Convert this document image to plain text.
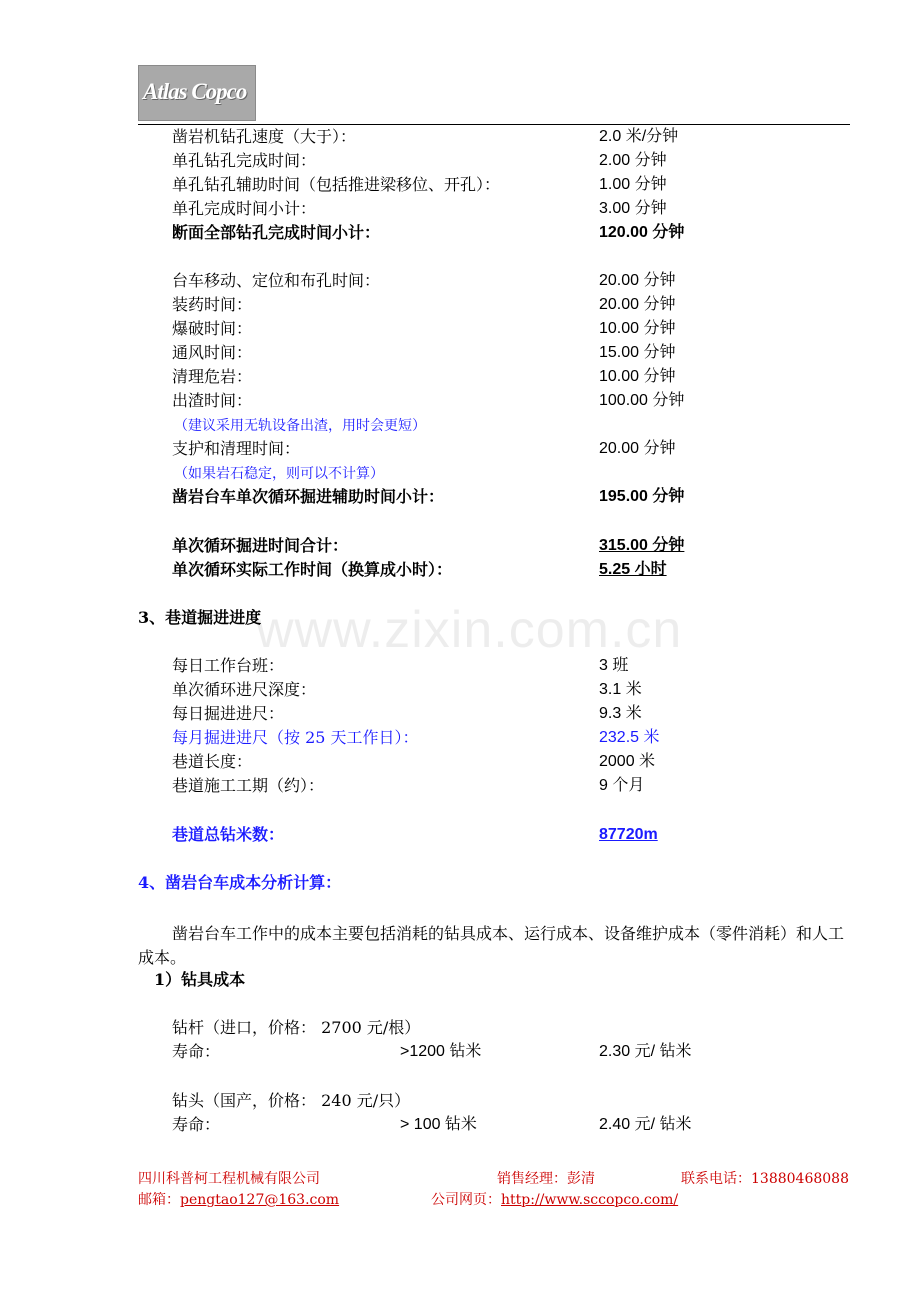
Atlas Copco
www.zixin.com.cn
凿岩机钻孔速度（大于）：	2.0 米/分钟
单孔钻孔完成时间：	2.00 分钟
单孔钻孔辅助时间（包括推进梁移位、开孔）：	1.00 分钟
单孔完成时间小计：	3.00 分钟
断面全部钻孔完成时间小计：	120.00 分钟
台车移动、定位和布孔时间：	20.00 分钟
装药时间：	20.00 分钟
爆破时间：	10.00 分钟
通风时间：	15.00 分钟
清理危岩：	10.00 分钟
出渣时间：	100.00 分钟
（建议采用无轨设备出渣，用时会更短）
支护和清理时间：	20.00 分钟
（如果岩石稳定，则可以不计算）
凿岩台车单次循环掘进辅助时间小计：	195.00 分钟
单次循环掘进时间合计：	315.00 分钟
单次循环实际工作时间（换算成小时）：	5.25 小时
3、巷道掘进进度
每日工作台班：	3 班
单次循环进尺深度：	3.1 米
每日掘进进尺：	9.3 米
每月掘进进尺（按 25 天工作日）：	232.5 米
巷道长度：	2000 米
巷道施工工期（约）：	9 个月
巷道总钻米数：	87720m
4、凿岩台车成本分析计算：
凿岩台车工作中的成本主要包括消耗的钻具成本、运行成本、设备维护成本（零件消耗）和人工成本。
1）钻具成本
钻杆（进口，价格： 2700 元/根）
寿命：	>1200 钻米	2.30 元/ 钻米
钻头（国产，价格： 240 元/只）
寿命：	> 100 钻米	2.40 元/ 钻米
四川科普柯工程机械有限公司	销售经理：彭清	联系电话：13880468088
邮箱：pengtao127@163.com	公司网页：http://www.sccopco.com/
